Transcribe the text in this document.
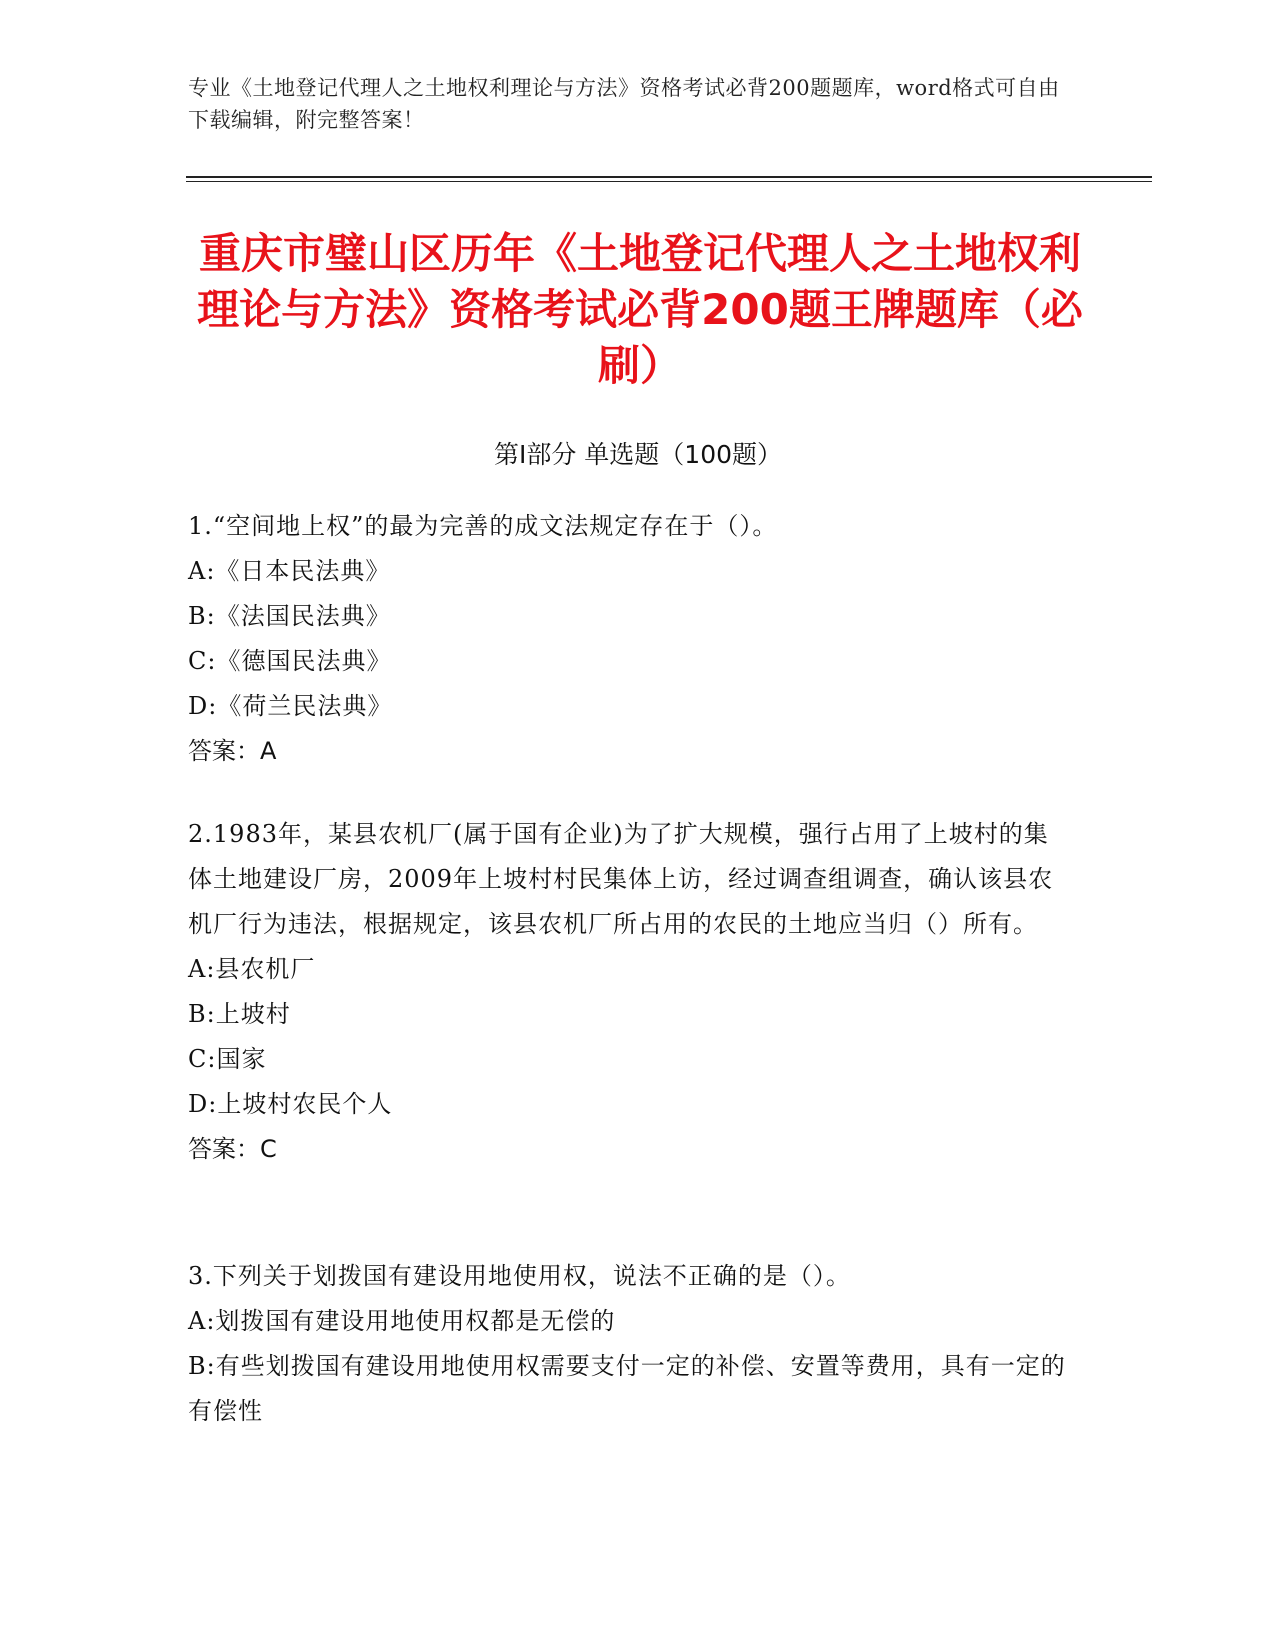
专业《土地登记代理人之土地权利理论与方法》资格考试必背200题题库，word格式可自由下载编辑，附完整答案！
重庆市璧山区历年《土地登记代理人之土地权利理论与方法》资格考试必背200题王牌题库（必刷）
第Ⅰ部分 单选题（100题）

1.“空间地上权”的最为完善的成文法规定存在于（）。

A:《日本民法典》

B:《法国民法典》

C:《德国民法典》

D:《荷兰民法典》

答案：A

2.1983年，某县农机厂(属于国有企业)为了扩大规模，强行占用了上坡村的集体土地建设厂房，2009年上坡村村民集体上访，经过调查组调查，确认该县农机厂行为违法，根据规定，该县农机厂所占用的农民的土地应当归（）所有。

A:县农机厂

B:上坡村

C:国家

D:上坡村农民个人

答案：C

3.下列关于划拨国有建设用地使用权，说法不正确的是（）。

A:划拨国有建设用地使用权都是无偿的

B:有些划拨国有建设用地使用权需要支付一定的补偿、安置等费用，具有一定的有偿性
